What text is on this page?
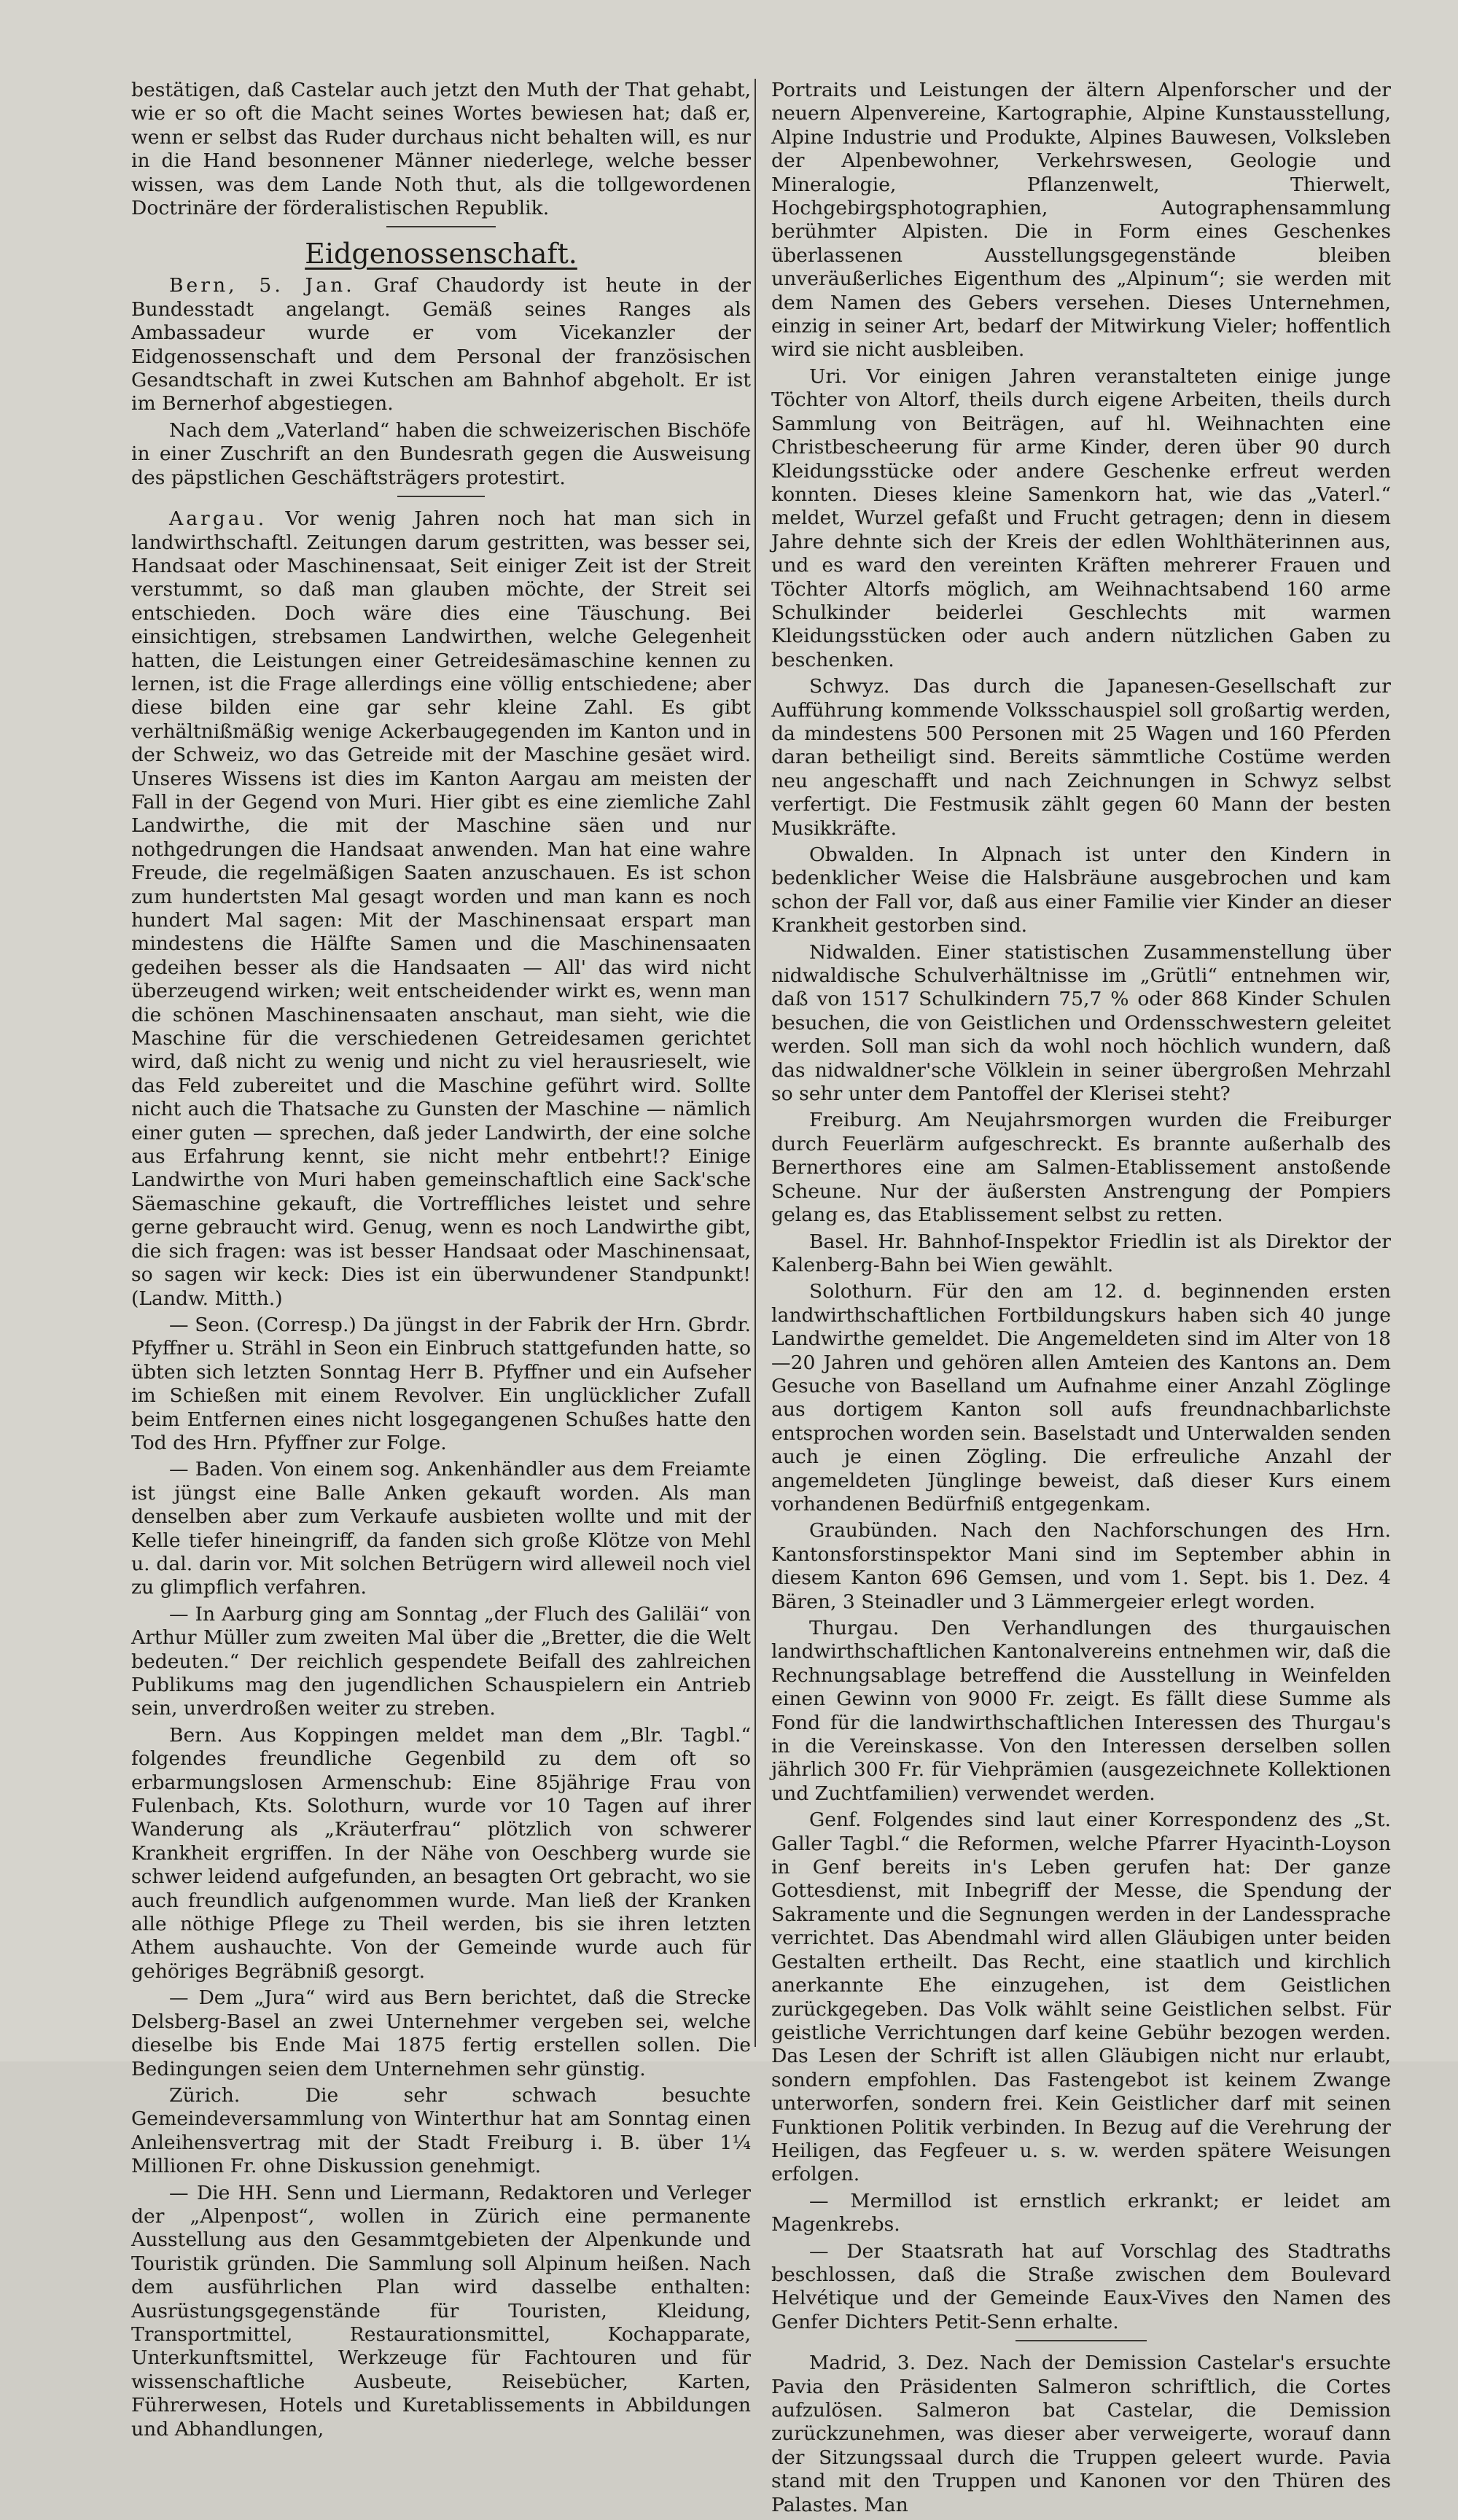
bestätigen, daß Castelar auch jetzt den Muth der That gehabt, wie er so oft die Macht seines Wortes bewiesen hat; daß er, wenn er selbst das Ruder durchaus nicht behalten will, es nur in die Hand besonnener Männer niederlege, welche besser wissen, was dem Lande Noth thut, als die tollgewordenen Doctrinäre der förderalistischen Republik.

Eidgenossenschaft.

Bern, 5. Jan. Graf Chaudordy ist heute in der Bundesstadt angelangt. Gemäß seines Ranges als Ambassadeur wurde er vom Vicekanzler der Eidgenossenschaft und dem Personal der französischen Gesandtschaft in zwei Kutschen am Bahnhof abgeholt. Er ist im Bernerhof abgestiegen.

Nach dem „Vaterland“ haben die schweizerischen Bischöfe in einer Zuschrift an den Bundesrath gegen die Ausweisung des päpstlichen Geschäftsträgers protestirt.

Aargau. Vor wenig Jahren noch hat man sich in landwirthschaftl. Zeitungen darum gestritten, was besser sei, Handsaat oder Maschinensaat, Seit einiger Zeit ist der Streit verstummt, so daß man glauben möchte, der Streit sei entschieden. Doch wäre dies eine Täuschung. Bei einsichtigen, strebsamen Landwirthen, welche Gelegenheit hatten, die Leistungen einer Getreidesämaschine kennen zu lernen, ist die Frage allerdings eine völlig entschiedene; aber diese bilden eine gar sehr kleine Zahl. Es gibt verhältnißmäßig wenige Ackerbaugegenden im Kanton und in der Schweiz, wo das Getreide mit der Maschine gesäet wird. Unseres Wissens ist dies im Kanton Aargau am meisten der Fall in der Gegend von Muri. Hier gibt es eine ziemliche Zahl Landwirthe, die mit der Maschine säen und nur nothgedrungen die Handsaat anwenden. Man hat eine wahre Freude, die regelmäßigen Saaten anzuschauen. Es ist schon zum hundertsten Mal gesagt worden und man kann es noch hundert Mal sagen: Mit der Maschinensaat erspart man mindestens die Hälfte Samen und die Maschinensaaten gedeihen besser als die Handsaaten — All' das wird nicht überzeugend wirken; weit entscheidender wirkt es, wenn man die schönen Maschinensaaten anschaut, man sieht, wie die Maschine für die verschiedenen Getreidesamen gerichtet wird, daß nicht zu wenig und nicht zu viel herausrieselt, wie das Feld zubereitet und die Maschine geführt wird. Sollte nicht auch die Thatsache zu Gunsten der Maschine — nämlich einer guten — sprechen, daß jeder Landwirth, der eine solche aus Erfahrung kennt, sie nicht mehr entbehrt!? Einige Landwirthe von Muri haben gemeinschaftlich eine Sack'sche Säemaschine gekauft, die Vortreffliches leistet und sehre gerne gebraucht wird. Genug, wenn es noch Landwirthe gibt, die sich fragen: was ist besser Handsaat oder Maschinensaat, so sagen wir keck: Dies ist ein überwundener Standpunkt! (Landw. Mitth.)

— Seon. (Corresp.) Da jüngst in der Fabrik der Hrn. Gbrdr. Pfyffner u. Strähl in Seon ein Einbruch stattgefunden hatte, so übten sich letzten Sonntag Herr B. Pfyffner und ein Aufseher im Schießen mit einem Revolver. Ein unglücklicher Zufall beim Entfernen eines nicht losgegangenen Schußes hatte den Tod des Hrn. Pfyffner zur Folge.

— Baden. Von einem sog. Ankenhändler aus dem Freiamte ist jüngst eine Balle Anken gekauft worden. Als man denselben aber zum Verkaufe ausbieten wollte und mit der Kelle tiefer hineingriff, da fanden sich große Klötze von Mehl u. dal. darin vor. Mit solchen Betrügern wird alleweil noch viel zu glimpflich verfahren.

— In Aarburg ging am Sonntag „der Fluch des Galiläi“ von Arthur Müller zum zweiten Mal über die „Bretter, die die Welt bedeuten.“ Der reichlich gespendete Beifall des zahlreichen Publikums mag den jugendlichen Schauspielern ein Antrieb sein, unverdroßen weiter zu streben.

Bern. Aus Koppingen meldet man dem „Blr. Tagbl.“ folgendes freundliche Gegenbild zu dem oft so erbarmungslosen Armenschub: Eine 85jährige Frau von Fulenbach, Kts. Solothurn, wurde vor 10 Tagen auf ihrer Wanderung als „Kräuterfrau“ plötzlich von schwerer Krankheit ergriffen. In der Nähe von Oeschberg wurde sie schwer leidend aufgefunden, an besagten Ort gebracht, wo sie auch freundlich aufgenommen wurde. Man ließ der Kranken alle nöthige Pflege zu Theil werden, bis sie ihren letzten Athem aushauchte. Von der Gemeinde wurde auch für gehöriges Begräbniß gesorgt.

— Dem „Jura“ wird aus Bern berichtet, daß die Strecke Delsberg-Basel an zwei Unternehmer vergeben sei, welche dieselbe bis Ende Mai 1875 fertig erstellen sollen. Die Bedingungen seien dem Unternehmen sehr günstig.

Zürich. Die sehr schwach besuchte Gemeindeversammlung von Winterthur hat am Sonntag einen Anleihensvertrag mit der Stadt Freiburg i. B. über 1¼ Millionen Fr. ohne Diskussion genehmigt.

— Die HH. Senn und Liermann, Redaktoren und Verleger der „Alpenpost“, wollen in Zürich eine permanente Ausstellung aus den Gesammtgebieten der Alpenkunde und Touristik gründen. Die Sammlung soll Alpinum heißen. Nach dem ausführlichen Plan wird dasselbe enthalten: Ausrüstungsgegenstände für Touristen, Kleidung, Transportmittel, Restaurationsmittel, Kochapparate, Unterkunftsmittel, Werkzeuge für Fachtouren und für wissenschaftliche Ausbeute, Reisebücher, Karten, Führerwesen, Hotels und Kuretablissements in Abbildungen und Abhandlungen,

Portraits und Leistungen der ältern Alpenforscher und der neuern Alpenvereine, Kartographie, Alpine Kunstausstellung, Alpine Industrie und Produkte, Alpines Bauwesen, Volksleben der Alpenbewohner, Verkehrswesen, Geologie und Mineralogie, Pflanzenwelt, Thierwelt, Hochgebirgsphotographien, Autographensammlung berühmter Alpisten. Die in Form eines Geschenkes überlassenen Ausstellungsgegenstände bleiben unveräußerliches Eigenthum des „Alpinum“; sie werden mit dem Namen des Gebers versehen. Dieses Unternehmen, einzig in seiner Art, bedarf der Mitwirkung Vieler; hoffentlich wird sie nicht ausbleiben.

Uri. Vor einigen Jahren veranstalteten einige junge Töchter von Altorf, theils durch eigene Arbeiten, theils durch Sammlung von Beiträgen, auf hl. Weihnachten eine Christbescheerung für arme Kinder, deren über 90 durch Kleidungsstücke oder andere Geschenke erfreut werden konnten. Dieses kleine Samenkorn hat, wie das „Vaterl.“ meldet, Wurzel gefaßt und Frucht getragen; denn in diesem Jahre dehnte sich der Kreis der edlen Wohlthäterinnen aus, und es ward den vereinten Kräften mehrerer Frauen und Töchter Altorfs möglich, am Weihnachtsabend 160 arme Schulkinder beiderlei Geschlechts mit warmen Kleidungsstücken oder auch andern nützlichen Gaben zu beschenken.

Schwyz. Das durch die Japanesen-Gesellschaft zur Aufführung kommende Volksschauspiel soll großartig werden, da mindestens 500 Personen mit 25 Wagen und 160 Pferden daran betheiligt sind. Bereits sämmtliche Costüme werden neu angeschafft und nach Zeichnungen in Schwyz selbst verfertigt. Die Festmusik zählt gegen 60 Mann der besten Musikkräfte.

Obwalden. In Alpnach ist unter den Kindern in bedenklicher Weise die Halsbräune ausgebrochen und kam schon der Fall vor, daß aus einer Familie vier Kinder an dieser Krankheit gestorben sind.

Nidwalden. Einer statistischen Zusammenstellung über nidwaldische Schulverhältnisse im „Grütli“ entnehmen wir, daß von 1517 Schulkindern 75,7 % oder 868 Kinder Schulen besuchen, die von Geistlichen und Ordensschwestern geleitet werden. Soll man sich da wohl noch höchlich wundern, daß das nidwaldner'sche Völklein in seiner übergroßen Mehrzahl so sehr unter dem Pantoffel der Klerisei steht?

Freiburg. Am Neujahrsmorgen wurden die Freiburger durch Feuerlärm aufgeschreckt. Es brannte außerhalb des Bernerthores eine am Salmen-Etablissement anstoßende Scheune. Nur der äußersten Anstrengung der Pompiers gelang es, das Etablissement selbst zu retten.

Basel. Hr. Bahnhof-Inspektor Friedlin ist als Direktor der Kalenberg-Bahn bei Wien gewählt.

Solothurn. Für den am 12. d. beginnenden ersten landwirthschaftlichen Fortbildungskurs haben sich 40 junge Landwirthe gemeldet. Die Angemeldeten sind im Alter von 18—20 Jahren und gehören allen Amteien des Kantons an. Dem Gesuche von Baselland um Aufnahme einer Anzahl Zöglinge aus dortigem Kanton soll aufs freundnachbarlichste entsprochen worden sein. Baselstadt und Unterwalden senden auch je einen Zögling. Die erfreuliche Anzahl der angemeldeten Jünglinge beweist, daß dieser Kurs einem vorhandenen Bedürfniß entgegenkam.

Graubünden. Nach den Nachforschungen des Hrn. Kantonsforstinspektor Mani sind im September abhin in diesem Kanton 696 Gemsen, und vom 1. Sept. bis 1. Dez. 4 Bären, 3 Steinadler und 3 Lämmergeier erlegt worden.

Thurgau. Den Verhandlungen des thurgauischen landwirthschaftlichen Kantonalvereins entnehmen wir, daß die Rechnungsablage betreffend die Ausstellung in Weinfelden einen Gewinn von 9000 Fr. zeigt. Es fällt diese Summe als Fond für die landwirthschaftlichen Interessen des Thurgau's in die Vereinskasse. Von den Interessen derselben sollen jährlich 300 Fr. für Viehprämien (ausgezeichnete Kollektionen und Zuchtfamilien) verwendet werden.

Genf. Folgendes sind laut einer Korrespondenz des „St. Galler Tagbl.“ die Reformen, welche Pfarrer Hyacinth-Loyson in Genf bereits in's Leben gerufen hat: Der ganze Gottesdienst, mit Inbegriff der Messe, die Spendung der Sakramente und die Segnungen werden in der Landessprache verrichtet. Das Abendmahl wird allen Gläubigen unter beiden Gestalten ertheilt. Das Recht, eine staatlich und kirchlich anerkannte Ehe einzugehen, ist dem Geistlichen zurückgegeben. Das Volk wählt seine Geistlichen selbst. Für geistliche Verrichtungen darf keine Gebühr bezogen werden. Das Lesen der Schrift ist allen Gläubigen nicht nur erlaubt, sondern empfohlen. Das Fastengebot ist keinem Zwange unterworfen, sondern frei. Kein Geistlicher darf mit seinen Funktionen Politik verbinden. In Bezug auf die Verehrung der Heiligen, das Fegfeuer u. s. w. werden spätere Weisungen erfolgen.

— Mermillod ist ernstlich erkrankt; er leidet am Magenkrebs.

— Der Staatsrath hat auf Vorschlag des Stadtraths beschlossen, daß die Straße zwischen dem Boulevard Helvétique und der Gemeinde Eaux-Vives den Namen des Genfer Dichters Petit-Senn erhalte.

Madrid, 3. Dez. Nach der Demission Castelar's ersuchte Pavia den Präsidenten Salmeron schriftlich, die Cortes aufzulösen. Salmeron bat Castelar, die Demission zurückzunehmen, was dieser aber verweigerte, worauf dann der Sitzungssaal durch die Truppen geleert wurde. Pavia stand mit den Truppen und Kanonen vor den Thüren des Palastes. Man
